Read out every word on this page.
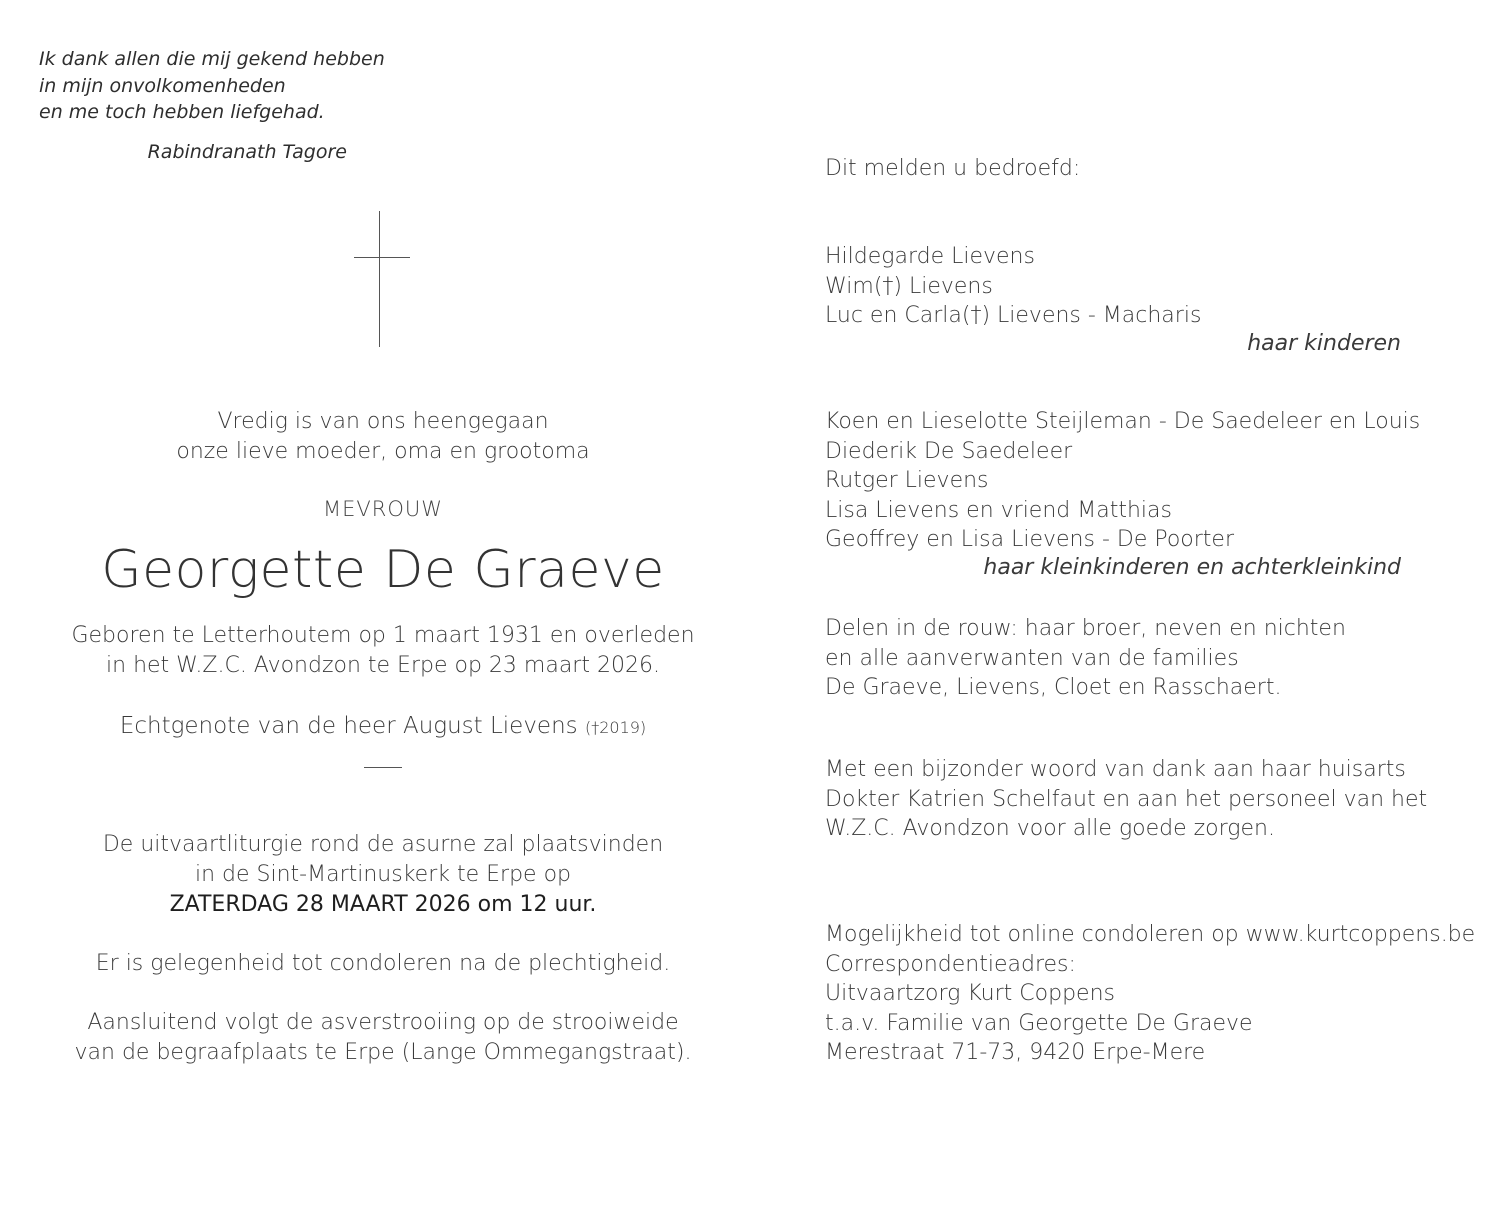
Ik dank allen die mij gekend hebben
in mijn onvolkomenheden
en me toch hebben liefgehad.
Rabindranath Tagore
Vredig is van ons heengegaan
onze lieve moeder, oma en grootoma
MEVROUW
Georgette De Graeve
Geboren te Letterhoutem op 1 maart 1931 en overleden
in het W.Z.C. Avondzon te Erpe op 23 maart 2026.
Echtgenote van de heer August Lievens (†2019)
De uitvaartliturgie rond de asurne zal plaatsvinden
in de Sint-Martinuskerk te Erpe op
ZATERDAG 28 MAART 2026 om 12 uur.
Er is gelegenheid tot condoleren na de plechtigheid.
Aansluitend volgt de asverstrooiing op de strooiweide
van de begraafplaats te Erpe (Lange Ommegangstraat).
Dit melden u bedroefd:
Hildegarde Lievens
Wim(†) Lievens
Luc en Carla(†) Lievens - Macharis
haar kinderen
Koen en Lieselotte Steijleman - De Saedeleer en Louis
Diederik De Saedeleer
Rutger Lievens
Lisa Lievens en vriend Matthias
Geoffrey en Lisa Lievens - De Poorter
haar kleinkinderen en achterkleinkind
Delen in de rouw: haar broer, neven en nichten
en alle aanverwanten van de families
De Graeve, Lievens, Cloet en Rasschaert.
Met een bijzonder woord van dank aan haar huisarts
Dokter Katrien Schelfaut en aan het personeel van het
W.Z.C. Avondzon voor alle goede zorgen.
Mogelijkheid tot online condoleren op www.kurtcoppens.be
Correspondentieadres:
Uitvaartzorg Kurt Coppens
t.a.v. Familie van Georgette De Graeve
Merestraat 71-73, 9420 Erpe-Mere
